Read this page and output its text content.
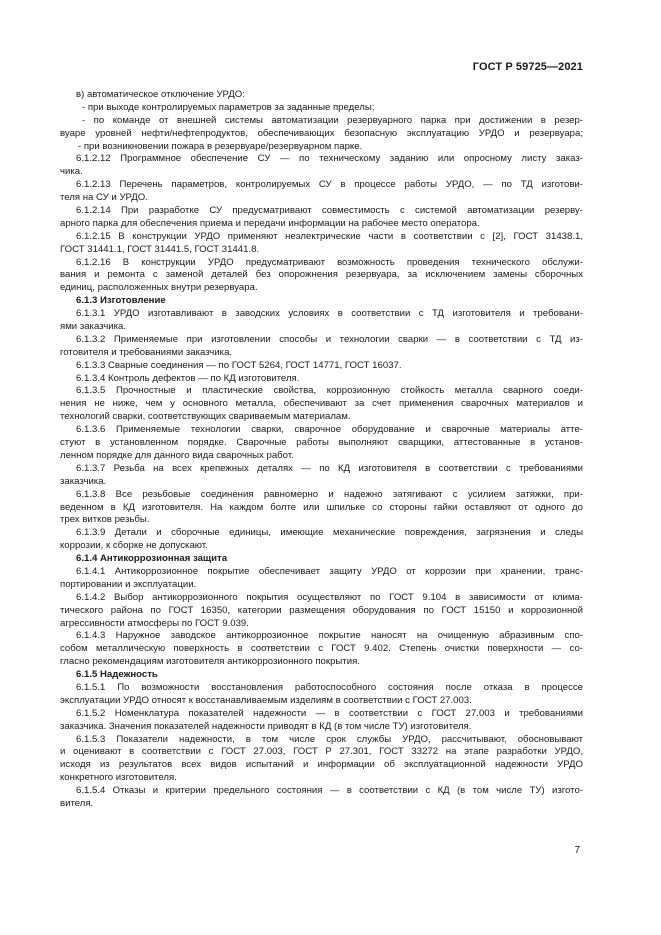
ГОСТ Р 59725—2021
в) автоматическое отключение УРДО:
- при выходе контролируемых параметров за заданные пределы;
- по команде от внешней системы автоматизации резервуарного парка при достижении в резер-
вуаре уровней нефти/нефтепродуктов, обеспечивающих безопасную эксплуатацию УРДО и резервуара;
- при возникновении пожара в резервуаре/резервуарном парке.
6.1.2.12 Программное обеспечение СУ — по техническому заданию или опросному листу заказ-
чика.
6.1.2.13 Перечень параметров, контролируемых СУ в процессе работы УРДО, — по ТД изготови-
теля на СУ и УРДО.
6.1.2.14 При разработке СУ предусматривают совместимость с системой автоматизации резерву-
арного парка для обеспечения приема и передачи информации на рабочее место оператора.
6.1.2.15 В конструкции УРДО применяют неэлектрические части в соответствии с [2], ГОСТ 31438.1,
ГОСТ 31441.1, ГОСТ 31441.5, ГОСТ 31441.8.
6.1.2.16 В конструкции УРДО предусматривают возможность проведения технического обслужи-
вания и ремонта с заменой деталей без опорожнения резервуара, за исключением замены сборочных
единиц, расположенных внутри резервуара.
6.1.3 Изготовление
6.1.3.1 УРДО изготавливают в заводских условиях в соответствии с ТД изготовителя и требовани-
ями заказчика.
6.1.3.2 Применяемые при изготовлении способы и технологии сварки — в соответствии с ТД из-
готовителя и требованиями заказчика.
6.1.3.3 Сварные соединения — по ГОСТ 5264, ГОСТ 14771, ГОСТ 16037.
6.1.3.4 Контроль дефектов — по КД изготовителя.
6.1.3.5 Прочностные и пластические свойства, коррозионную стойкость металла сварного соеди-
нения не ниже, чем у основного металла, обеспечивают за счет применения сварочных материалов и
технологий сварки, соответствующих свариваемым материалам.
6.1.3.6 Применяемые технологии сварки, сварочное оборудование и сварочные материалы атте-
стуют в установленном порядке. Сварочные работы выполняют сварщики, аттестованные в установ-
ленном порядке для данного вида сварочных работ.
6.1.3.7 Резьба на всех крепежных деталях — по КД изготовителя в соответствии с требованиями
заказчика.
6.1.3.8 Все резьбовые соединения равномерно и надежно затягивают с усилием затяжки, при-
веденном в КД изготовителя. На каждом болте или шпильке со стороны гайки оставляют от одного до
трех витков резьбы.
6.1.3.9 Детали и сборочные единицы, имеющие механические повреждения, загрязнения и следы
коррозии, к сборке не допускают.
6.1.4 Антикоррозионная защита
6.1.4.1 Антикоррозионное покрытие обеспечивает защиту УРДО от коррозии при хранении, транс-
портировании и эксплуатации.
6.1.4.2 Выбор антикоррозионного покрытия осуществляют по ГОСТ 9.104 в зависимости от клима-
тического района по ГОСТ 16350, категории размещения оборудования по ГОСТ 15150 и коррозионной
агрессивности атмосферы по ГОСТ 9.039.
6.1.4.3 Наружное заводское антикоррозионное покрытие наносят на очищенную абразивным спо-
собом металлическую поверхность в соответствии с ГОСТ 9.402. Степень очистки поверхности — со-
гласно рекомендациям изготовителя антикоррозионного покрытия.
6.1.5 Надежность
6.1.5.1 По возможности восстановления работоспособного состояния после отказа в процессе
эксплуатации УРДО относят к восстанавливаемым изделиям в соответствии с ГОСТ 27.003.
6.1.5.2 Номенклатура показателей надежности — в соответствии с ГОСТ 27.003 и требованиями
заказчика. Значения показателей надежности приводят в КД (в том числе ТУ) изготовителя.
6.1.5.3 Показатели надежности, в том числе срок службы УРДО, рассчитывают, обосновывают
и оценивают в соответствии с ГОСТ 27.003, ГОСТ Р 27.301, ГОСТ 33272 на этапе разработки УРДО,
исходя из результатов всех видов испытаний и информации об эксплуатационной надежности УРДО
конкретного изготовителя.
6.1.5.4 Отказы и критерии предельного состояния — в соответствии с КД (в том числе ТУ) изгото-
вителя.
7
